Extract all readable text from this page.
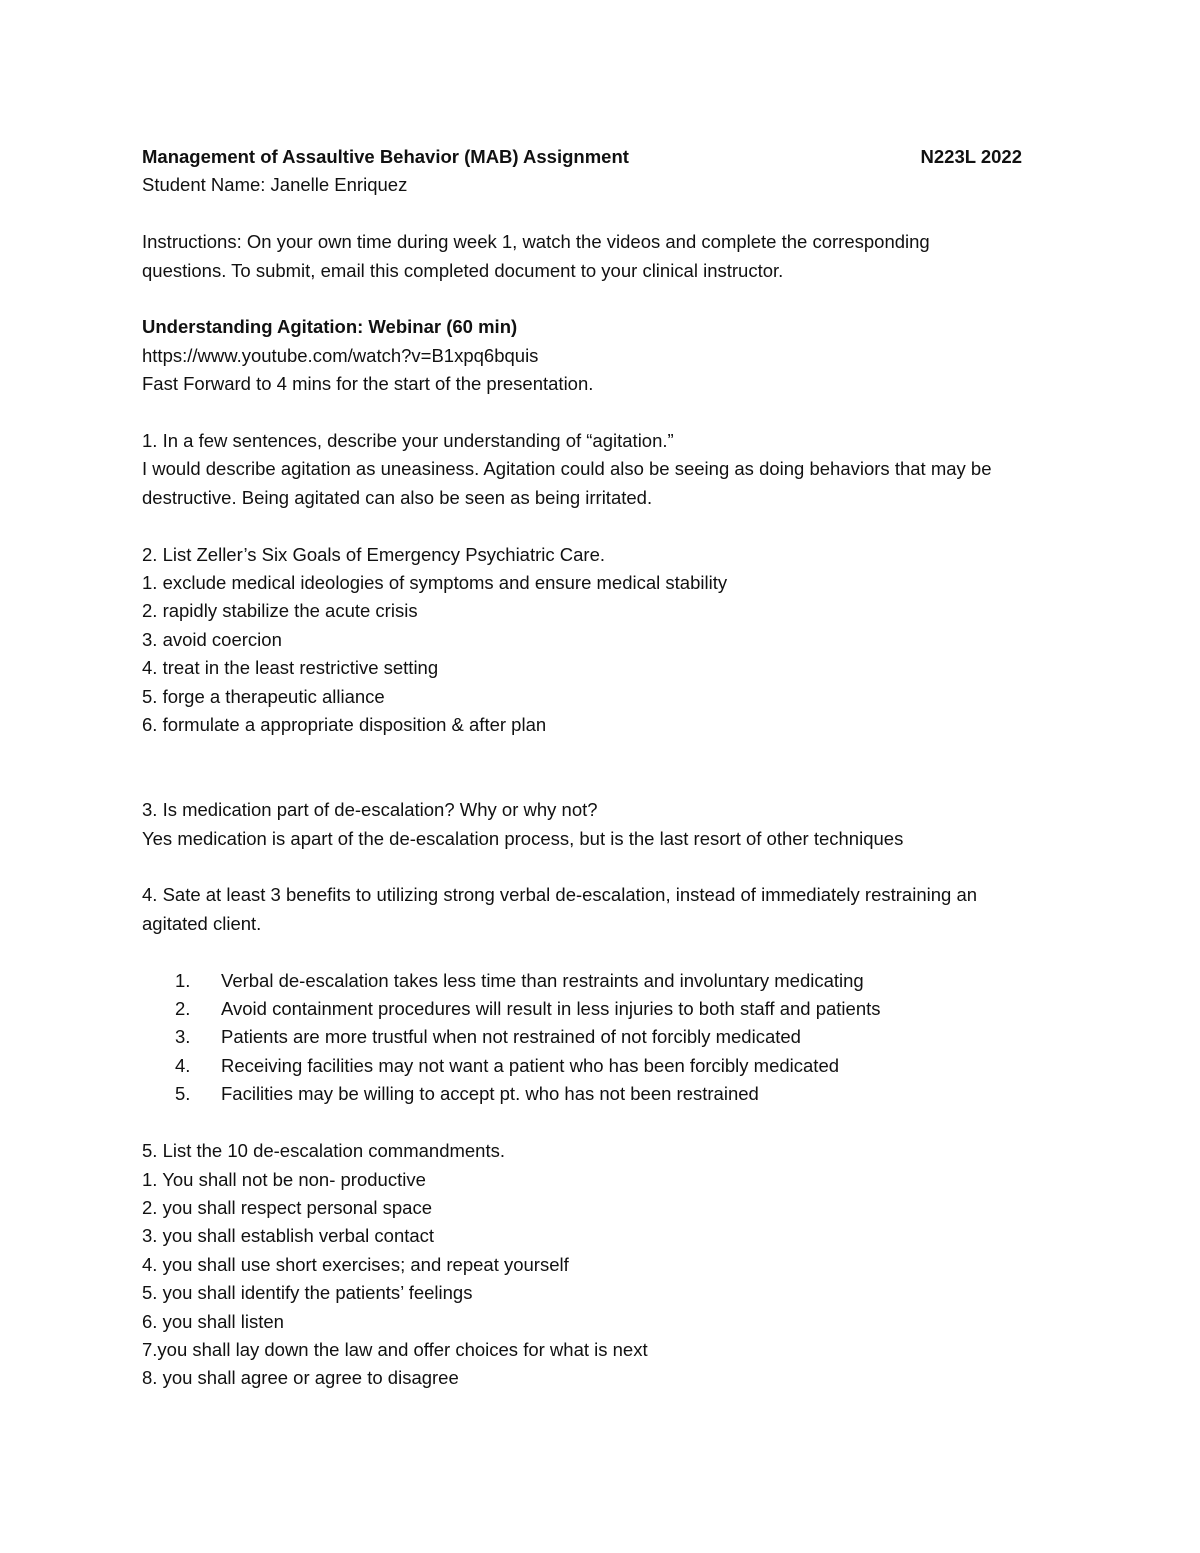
Management of Assaultive Behavior (MAB) Assignment	N223L 2022
Student Name: Janelle Enriquez
Instructions: On your own time during week 1, watch the videos and complete the corresponding questions. To submit, email this completed document to your clinical instructor.
Understanding Agitation: Webinar (60 min)
https://www.youtube.com/watch?v=B1xpq6bquis
Fast Forward to 4 mins for the start of the presentation.
1. In a few sentences, describe your understanding of “agitation.”
I would describe agitation as uneasiness. Agitation could also be seeing as doing behaviors that may be destructive. Being agitated can also be seen as being irritated.
2. List Zeller’s Six Goals of Emergency Psychiatric Care.
1. exclude medical ideologies of symptoms and ensure medical stability
2. rapidly stabilize the acute crisis
3. avoid coercion
4. treat in the least restrictive setting
5. forge a therapeutic alliance
6. formulate a appropriate disposition & after plan
3. Is medication part of de-escalation? Why or why not?
Yes medication is apart of the de-escalation process, but is the last resort of other techniques
4. Sate at least 3 benefits to utilizing strong verbal de-escalation, instead of immediately restraining an agitated client.
1.	Verbal de-escalation takes less time than restraints and involuntary medicating
2.	Avoid containment procedures will result in less injuries to both staff and patients
3.	Patients are more trustful when not restrained of not forcibly medicated
4.	Receiving facilities may not want a patient who has been forcibly medicated
5.	Facilities may be willing to accept pt. who has not been restrained
5. List the 10 de-escalation commandments.
1. You shall not be non- productive
2. you shall respect personal space
3. you shall establish verbal contact
4. you shall use short exercises; and repeat yourself
5. you shall identify the patients’ feelings
6. you shall listen
7.you shall lay down the law and offer choices for what is next
8. you shall agree or agree to disagree
